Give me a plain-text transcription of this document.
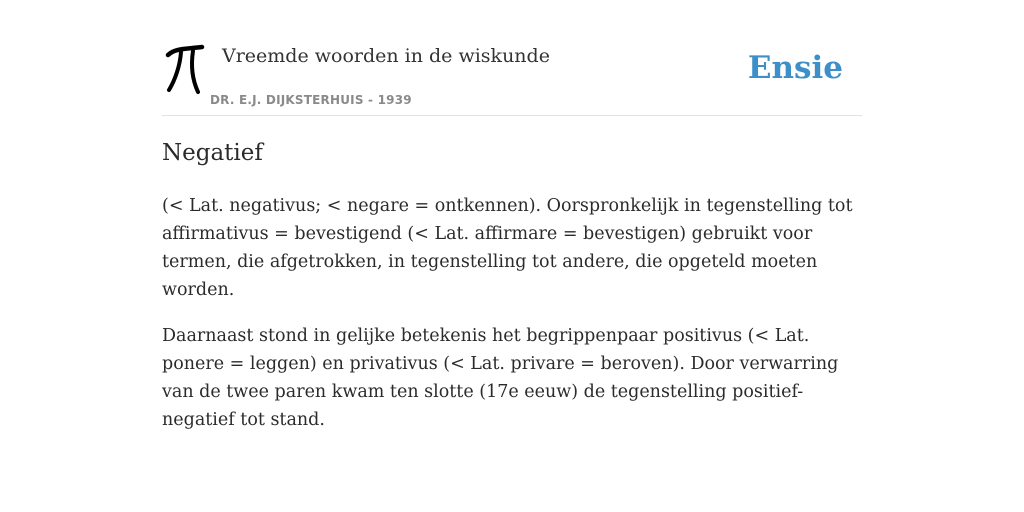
Vreemde woorden in de wiskunde
DR. E.J. DIJKSTERHUIS - 1939
Ensie
Negatief

(< Lat. negativus; < negare = ontkennen). Oorspronkelijk in tegenstelling tot affirmativus = bevestigend (< Lat. affirmare = bevestigen) gebruikt voor termen, die afgetrokken, in tegenstelling tot andere, die opgeteld moeten worden.

Daarnaast stond in gelijke betekenis het begrippenpaar positivus (< Lat. ponere = leggen) en privativus (< Lat. privare = beroven). Door verwarring van de twee paren kwam ten slotte (17e eeuw) de tegenstelling positief-negatief tot stand.
